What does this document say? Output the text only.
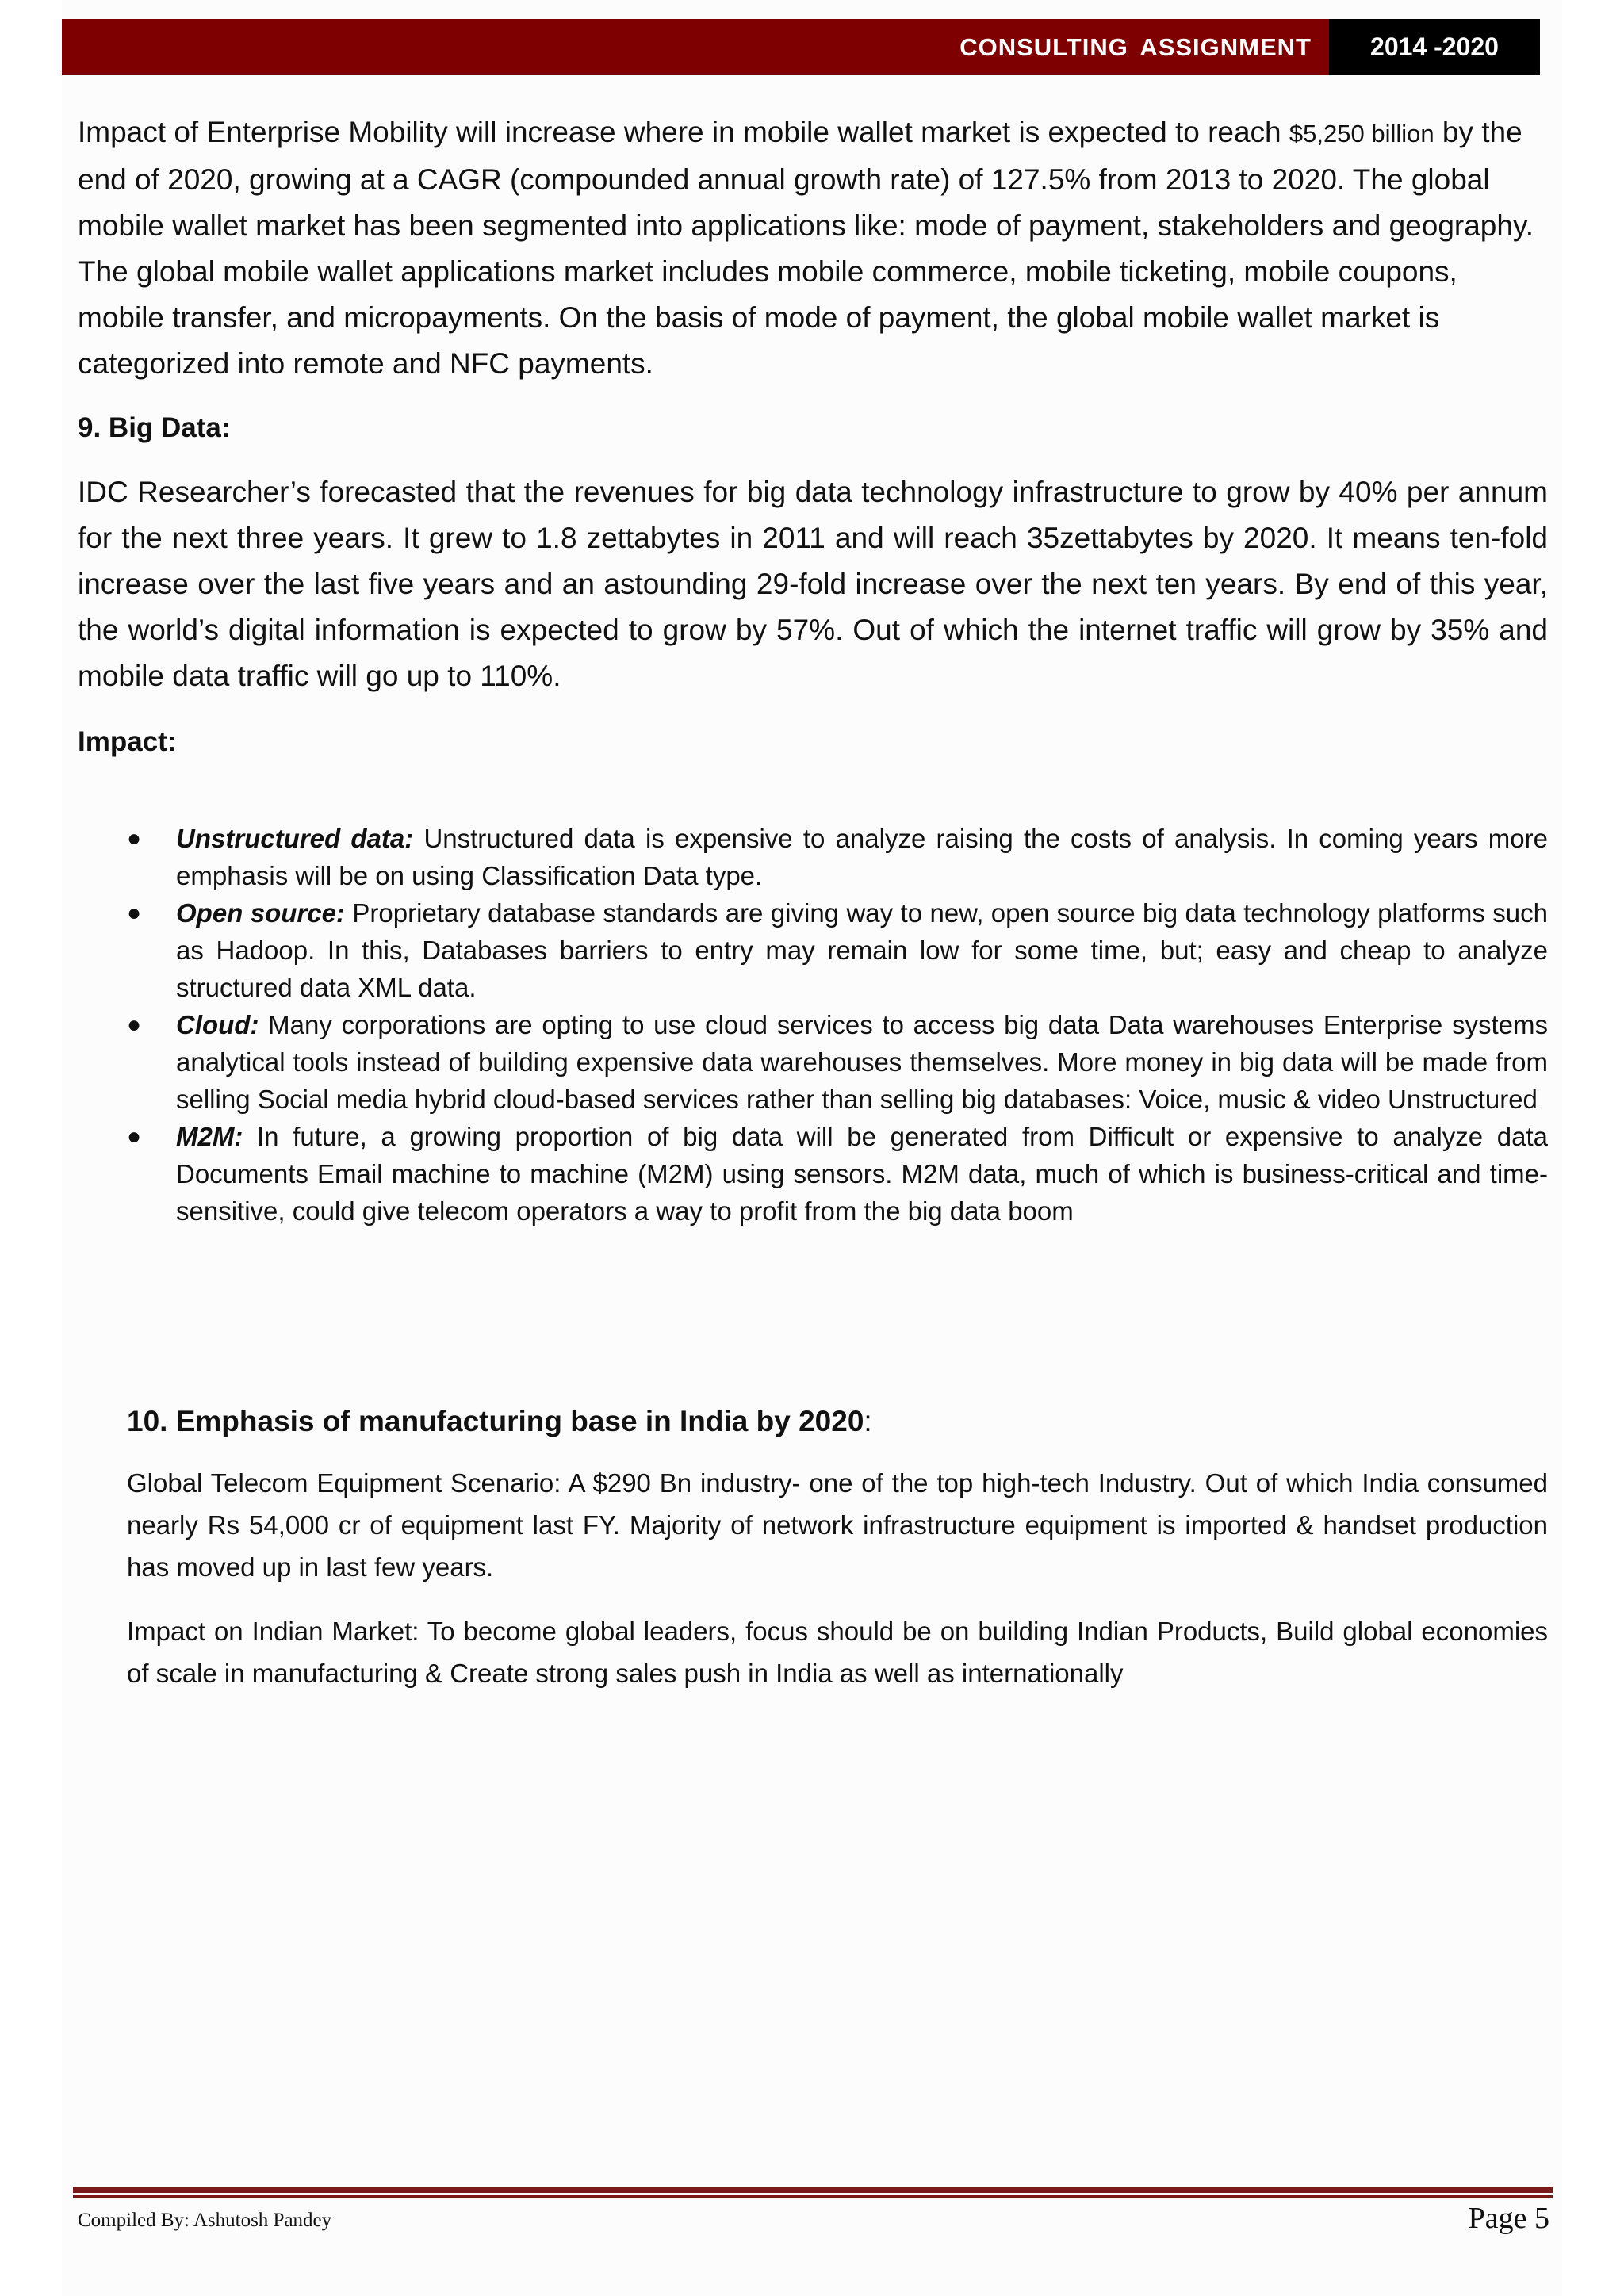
CONSULTING ASSIGNMENT	2014 -2020

Impact of Enterprise Mobility will increase where in mobile wallet market is expected to reach $5,250 billion by the end of 2020, growing at a CAGR (compounded annual growth rate) of 127.5% from 2013 to 2020. The global mobile wallet market has been segmented into applications like: mode of payment, stakeholders and geography. The global mobile wallet applications market includes mobile commerce, mobile ticketing, mobile coupons, mobile transfer, and micropayments. On the basis of mode of payment, the global mobile wallet market is categorized into remote and NFC payments.

9. Big Data:

IDC Researcher’s forecasted that the revenues for big data technology infrastructure to grow by 40% per annum for the next three years. It grew to 1.8 zettabytes in 2011 and will reach 35zettabytes by 2020. It means ten-fold increase over the last five years and an astounding 29-fold increase over the next ten years. By end of this year, the world’s digital information is expected to grow by 57%. Out of which the internet traffic will grow by 35% and mobile data traffic will go up to 110%.

Impact:

● Unstructured data: Unstructured data is expensive to analyze raising the costs of analysis. In coming years more emphasis will be on using Classification Data type.
● Open source: Proprietary database standards are giving way to new, open source big data technology platforms such as Hadoop. In this, Databases barriers to entry may remain low for some time, but; easy and cheap to analyze structured data XML data.
● Cloud: Many corporations are opting to use cloud services to access big data Data warehouses Enterprise systems analytical tools instead of building expensive data warehouses themselves. More money in big data will be made from selling Social media hybrid cloud-based services rather than selling big databases: Voice, music & video Unstructured
● M2M: In future, a growing proportion of big data will be generated from Difficult or expensive to analyze data Documents Email machine to machine (M2M) using sensors. M2M data, much of which is business-critical and time-sensitive, could give telecom operators a way to profit from the big data boom

10. Emphasis of manufacturing base in India by 2020:

Global Telecom Equipment Scenario: A $290 Bn industry- one of the top high-tech Industry. Out of which India consumed nearly Rs 54,000 cr of equipment last FY. Majority of network infrastructure equipment is imported & handset production has moved up in last few years.

Impact on Indian Market: To become global leaders, focus should be on building Indian Products, Build global economies of scale in manufacturing & Create strong sales push in India as well as internationally

Compiled By: Ashutosh Pandey	Page 5
